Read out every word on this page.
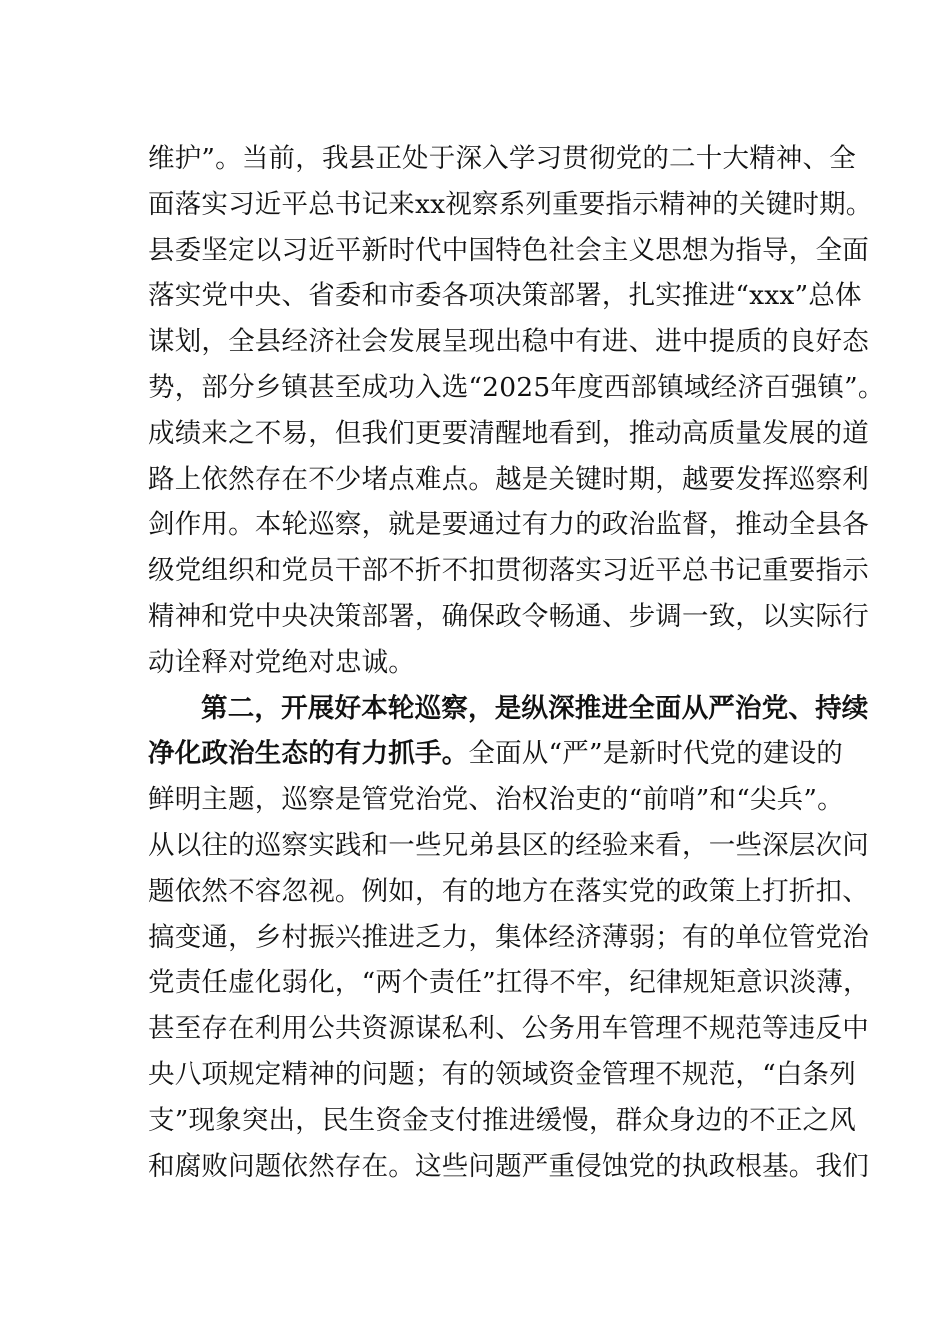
维护”。当前，我县正处于深入学习贯彻党的二十大精神、全
面落实习近平总书记来xx视察系列重要指示精神的关键时期。
县委坚定以习近平新时代中国特色社会主义思想为指导，全面
落实党中央、省委和市委各项决策部署，扎实推进“xxx”总体
谋划，全县经济社会发展呈现出稳中有进、进中提质的良好态
势，部分乡镇甚至成功入选“2025年度西部镇域经济百强镇”。
成绩来之不易，但我们更要清醒地看到，推动高质量发展的道
路上依然存在不少堵点难点。越是关键时期，越要发挥巡察利
剑作用。本轮巡察，就是要通过有力的政治监督，推动全县各
级党组织和党员干部不折不扣贯彻落实习近平总书记重要指示
精神和党中央决策部署，确保政令畅通、步调一致，以实际行
动诠释对党绝对忠诚。
第二，开展好本轮巡察，是纵深推进全面从严治党、持续
净化政治生态的有力抓手。全面从“严”是新时代党的建设的
鲜明主题，巡察是管党治党、治权治吏的“前哨”和“尖兵”。
从以往的巡察实践和一些兄弟县区的经验来看，一些深层次问
题依然不容忽视。例如，有的地方在落实党的政策上打折扣、
搞变通，乡村振兴推进乏力，集体经济薄弱；有的单位管党治
党责任虚化弱化，“两个责任”扛得不牢，纪律规矩意识淡薄，
甚至存在利用公共资源谋私利、公务用车管理不规范等违反中
央八项规定精神的问题；有的领域资金管理不规范，“白条列
支”现象突出，民生资金支付推进缓慢，群众身边的不正之风
和腐败问题依然存在。这些问题严重侵蚀党的执政根基。我们
